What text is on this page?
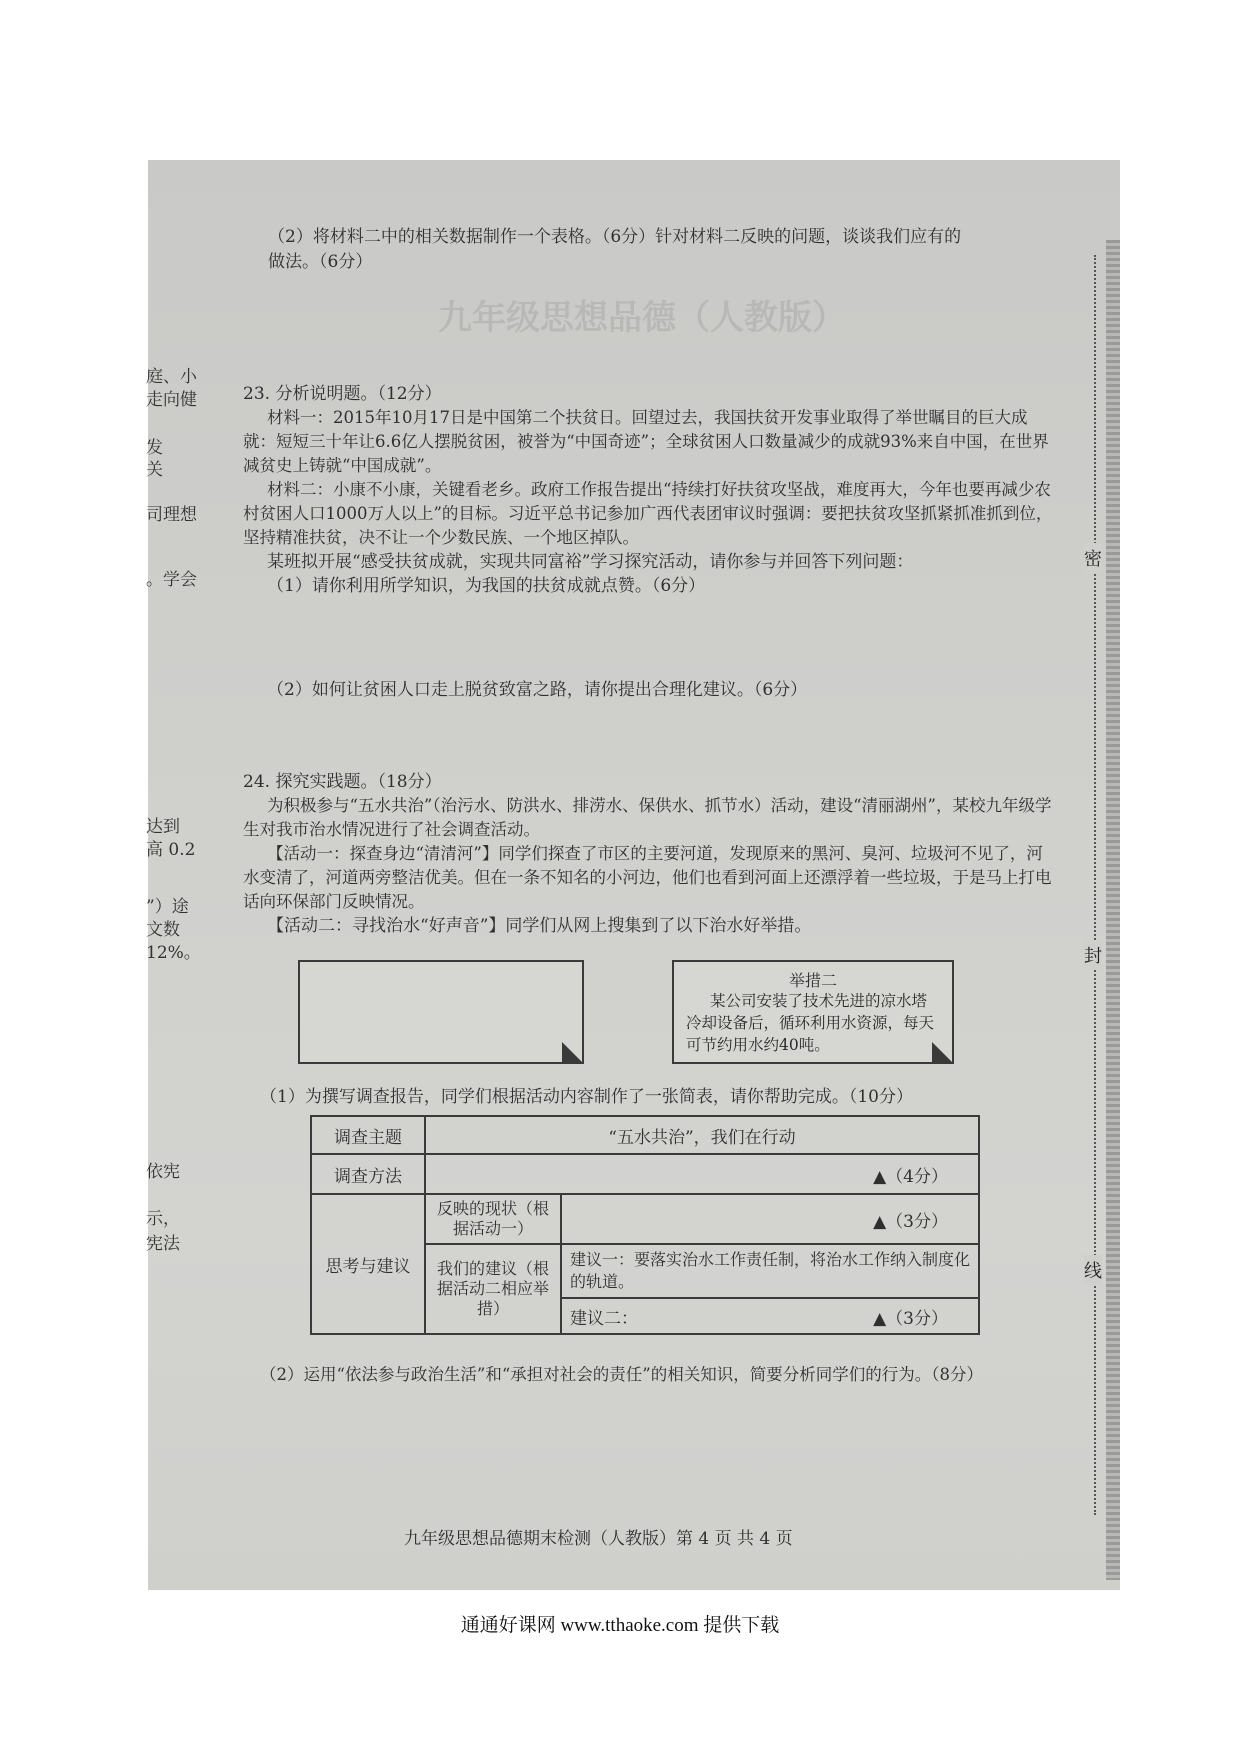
九年级思想品德（人教版）
密
封
线
庭、小
走向健
发
关
司理想
。学会
达到
高 0.2
”）途
文数
12%。
依宪
示，
宪法
（2）将材料二中的相关数据制作一个表格。（6分）针对材料二反映的问题，谈谈我们应有的
做法。（6分）
23. 分析说明题。（12分）
材料一：2015年10月17日是中国第二个扶贫日。回望过去，我国扶贫开发事业取得了举世瞩目的巨大成就：短短三十年让6.6亿人摆脱贫困，被誉为“中国奇迹”；全球贫困人口数量减少的成就93%来自中国，在世界减贫史上铸就“中国成就”。
材料二：小康不小康，关键看老乡。政府工作报告提出“持续打好扶贫攻坚战，难度再大，今年也要再减少农村贫困人口1000万人以上”的目标。习近平总书记参加广西代表团审议时强调：要把扶贫攻坚抓紧抓准抓到位，坚持精准扶贫，决不让一个少数民族、一个地区掉队。
某班拟开展“感受扶贫成就，实现共同富裕”学习探究活动，请你参与并回答下列问题：
（1）请你利用所学知识，为我国的扶贫成就点赞。（6分）
（2）如何让贫困人口走上脱贫致富之路，请你提出合理化建议。（6分）
24. 探究实践题。（18分）
为积极参与“五水共治”（治污水、防洪水、排涝水、保供水、抓节水）活动，建设“清丽湖州”，某校九年级学生对我市治水情况进行了社会调查活动。
【活动一：探查身边“清清河”】同学们探查了市区的主要河道，发现原来的黑河、臭河、垃圾河不见了，河水变清了，河道两旁整洁优美。但在一条不知名的小河边，他们也看到河面上还漂浮着一些垃圾，于是马上打电话向环保部门反映情况。
【活动二：寻找治水“好声音”】同学们从网上搜集到了以下治水好举措。
举措二
某公司安装了技术先进的凉水塔冷却设备后，循环利用水资源，每天可节约用水约40吨。
（1）为撰写调查报告，同学们根据活动内容制作了一张简表，请你帮助完成。（10分）
调查主题	“五水共治”，我们在行动	
调查方法	▲（4分）	
思考与建议	反映的现状（根据活动一）	▲（3分）
	我们的建议（根据活动二相应举措）	建议一：要落实治水工作责任制，将治水工作纳入制度化的轨道。
		建议二： ▲（3分）
（2）运用“依法参与政治生活”和“承担对社会的责任”的相关知识，简要分析同学们的行为。（8分）
九年级思想品德期末检测（人教版）第 4 页 共 4 页
通通好课网 www.tthaoke.com 提供下载
